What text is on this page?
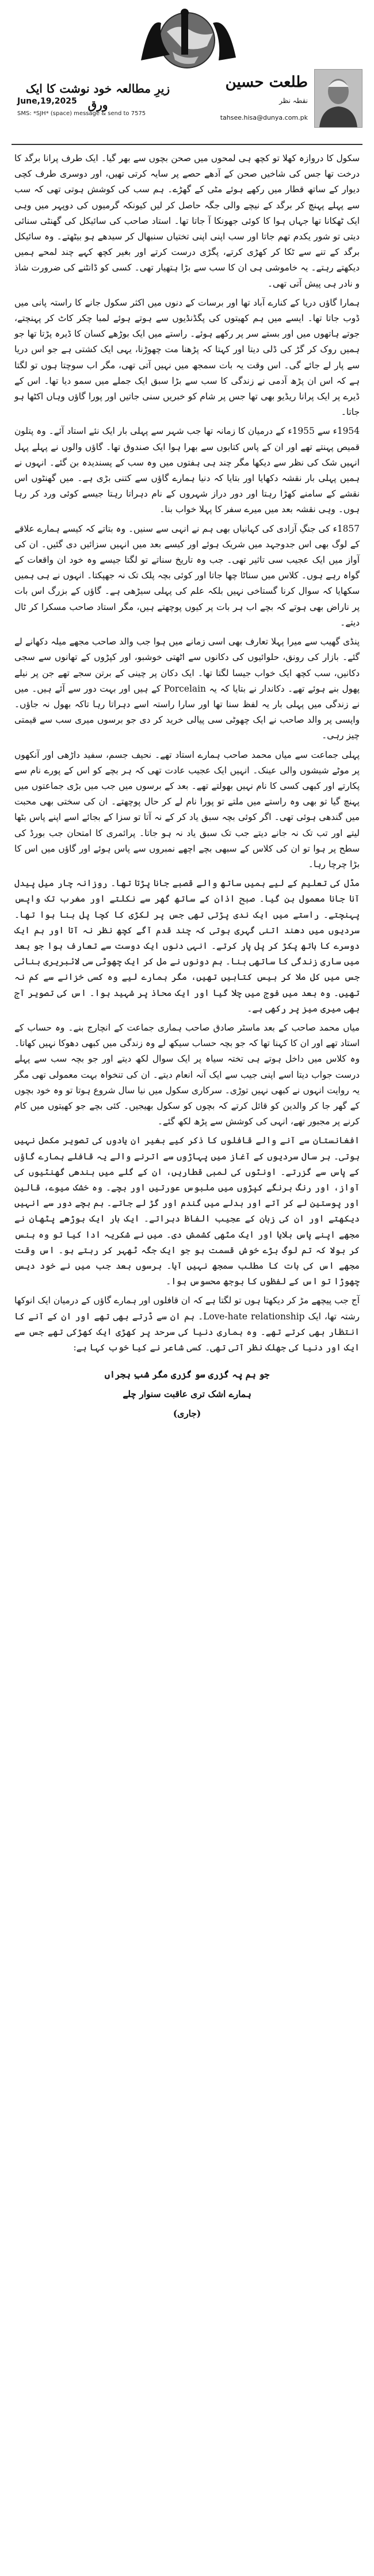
زیرِ مطالعہ خود نوشت کا ایک ورق
June,19,2025
SMS: *SJH* (space) message & send to 7575
طلعت حسین
نقطہ نظر
tahsee.hisa@dunya.com.pk

سکول کا دروازہ کھلا تو کچھ ہی لمحوں میں صحن بچوں سے بھر گیا۔ ایک طرف پرانا برگد کا درخت تھا جس کی شاخیں صحن کے آدھے حصے پر سایہ کرتی تھیں، اور دوسری طرف کچی دیوار کے ساتھ قطار میں رکھے ہوئے مٹی کے گھڑے۔ ہم سب کی کوشش ہوتی تھی کہ سب سے پہلے پہنچ کر برگد کے نیچے والی جگہ حاصل کر لیں کیونکہ گرمیوں کی دوپہر میں وہی ایک ٹھکانا تھا جہاں ہوا کا کوئی جھونکا آ جاتا تھا۔ استاد صاحب کی سائیکل کی گھنٹی سنائی دیتی تو شور یکدم تھم جاتا اور سب اپنی اپنی تختیاں سنبھال کر سیدھے ہو بیٹھتے۔ وہ سائیکل برگد کے تنے سے ٹکا کر کھڑی کرتے، پگڑی درست کرتے اور بغیر کچھ کہے چند لمحے ہمیں دیکھتے رہتے۔ یہ خاموشی ہی ان کا سب سے بڑا ہتھیار تھی۔ کسی کو ڈانٹنے کی ضرورت شاذ و نادر ہی پیش آتی تھی۔

ہمارا گاؤں دریا کے کنارے آباد تھا اور برسات کے دنوں میں اکثر سکول جانے کا راستہ پانی میں ڈوب جاتا تھا۔ ایسے میں ہم کھیتوں کی پگڈنڈیوں سے ہوتے ہوئے لمبا چکر کاٹ کر پہنچتے، جوتے ہاتھوں میں اور بستے سر پر رکھے ہوئے۔ راستے میں ایک بوڑھے کسان کا ڈیرہ پڑتا تھا جو ہمیں روک کر گڑ کی ڈلی دیتا اور کہتا کہ پڑھنا مت چھوڑنا، یہی ایک کشتی ہے جو اس دریا سے پار لے جائے گی۔ اس وقت یہ بات سمجھ میں نہیں آتی تھی، مگر اب سوچتا ہوں تو لگتا ہے کہ اس ان پڑھ آدمی نے زندگی کا سب سے بڑا سبق ایک جملے میں سمو دیا تھا۔ اس کے ڈیرے پر ایک پرانا ریڈیو بھی تھا جس پر شام کو خبریں سنی جاتیں اور پورا گاؤں وہاں اکٹھا ہو جاتا۔

1954ء سے 1955ء کے درمیان کا زمانہ تھا جب شہر سے پہلی بار ایک نئے استاد آئے۔ وہ پتلون قمیص پہنتے تھے اور ان کے پاس کتابوں سے بھرا ہوا ایک صندوق تھا۔ گاؤں والوں نے پہلے پہل انہیں شک کی نظر سے دیکھا مگر چند ہی ہفتوں میں وہ سب کے پسندیدہ بن گئے۔ انہوں نے ہمیں پہلی بار نقشہ دکھایا اور بتایا کہ دنیا ہمارے گاؤں سے کتنی بڑی ہے۔ میں گھنٹوں اس نقشے کے سامنے کھڑا رہتا اور دور دراز شہروں کے نام دہراتا رہتا جیسے کوئی ورد کر رہا ہوں۔ وہی نقشہ بعد میں میرے سفر کا پہلا خواب بنا۔

1857ء کی جنگِ آزادی کی کہانیاں بھی ہم نے انہی سے سنیں۔ وہ بتاتے کہ کیسے ہمارے علاقے کے لوگ بھی اس جدوجہد میں شریک ہوئے اور کیسے بعد میں انہیں سزائیں دی گئیں۔ ان کی آواز میں ایک عجیب سی تاثیر تھی۔ جب وہ تاریخ سناتے تو لگتا جیسے وہ خود ان واقعات کے گواہ رہے ہوں۔ کلاس میں سناٹا چھا جاتا اور کوئی بچہ پلک تک نہ جھپکتا۔ انہوں نے ہی ہمیں سکھایا کہ سوال کرنا گستاخی نہیں بلکہ علم کی پہلی سیڑھی ہے۔ گاؤں کے بزرگ اس بات پر ناراض بھی ہوتے کہ بچے اب ہر بات پر کیوں پوچھتے ہیں، مگر استاد صاحب مسکرا کر ٹال دیتے۔

پنڈی گھیب سے میرا پہلا تعارف بھی اسی زمانے میں ہوا جب والد صاحب مجھے میلہ دکھانے لے گئے۔ بازار کی رونق، حلوائیوں کی دکانوں سے اٹھتی خوشبو، اور کپڑوں کے تھانوں سے سجی دکانیں، سب کچھ ایک خواب جیسا لگتا تھا۔ ایک دکان پر چینی کے برتن سجے تھے جن پر نیلے پھول بنے ہوئے تھے۔ دکاندار نے بتایا کہ یہ Porcelain کے ہیں اور بہت دور سے آئے ہیں۔ میں نے زندگی میں پہلی بار یہ لفظ سنا تھا اور سارا راستہ اسے دہراتا رہا تاکہ بھول نہ جاؤں۔ واپسی پر والد صاحب نے ایک چھوٹی سی پیالی خرید کر دی جو برسوں میری سب سے قیمتی چیز رہی۔

پہلی جماعت سے میاں محمد صاحب ہمارے استاد تھے۔ نحیف جسم، سفید داڑھی اور آنکھوں پر موٹے شیشوں والی عینک۔ انہیں ایک عجیب عادت تھی کہ ہر بچے کو اس کے پورے نام سے پکارتے اور کبھی کسی کا نام نہیں بھولتے تھے۔ بعد کے برسوں میں جب میں بڑی جماعتوں میں پہنچ گیا تو بھی وہ راستے میں ملتے تو پورا نام لے کر حال پوچھتے۔ ان کی سختی بھی محبت میں گندھی ہوئی تھی۔ اگر کوئی بچہ سبق یاد کر کے نہ آتا تو سزا کے بجائے اسے اپنے پاس بٹھا لیتے اور تب تک نہ جانے دیتے جب تک سبق یاد نہ ہو جاتا۔ پرائمری کا امتحان جب بورڈ کی سطح پر ہوا تو ان کی کلاس کے سبھی بچے اچھے نمبروں سے پاس ہوئے اور گاؤں میں اس کا بڑا چرچا رہا۔

مڈل کی تعلیم کے لیے ہمیں ساتھ والے قصبے جانا پڑتا تھا۔ روزانہ چار میل پیدل آنا جانا معمول بن گیا۔ صبح اذان کے ساتھ گھر سے نکلتے اور مغرب تک واپس پہنچتے۔ راستے میں ایک ندی پڑتی تھی جس پر لکڑی کا کچا پل بنا ہوا تھا۔ سردیوں میں دھند اتنی گہری ہوتی کہ چند قدم آگے کچھ نظر نہ آتا اور ہم ایک دوسرے کا ہاتھ پکڑ کر پل پار کرتے۔ انہی دنوں ایک دوست سے تعارف ہوا جو بعد میں ساری زندگی کا ساتھی بنا۔ ہم دونوں نے مل کر ایک چھوٹی سی لائبریری بنائی جس میں کل ملا کر بیس کتابیں تھیں، مگر ہمارے لیے وہ کسی خزانے سے کم نہ تھیں۔ وہ بعد میں فوج میں چلا گیا اور ایک محاذ پر شہید ہوا۔ اس کی تصویر آج بھی میری میز پر رکھی ہے۔

میاں محمد صاحب کے بعد ماسٹر صادق صاحب ہماری جماعت کے انچارج بنے۔ وہ حساب کے استاد تھے اور ان کا کہنا تھا کہ جو بچہ حساب سیکھ لے وہ زندگی میں کبھی دھوکا نہیں کھاتا۔ وہ کلاس میں داخل ہوتے ہی تختہ سیاہ پر ایک سوال لکھ دیتے اور جو بچہ سب سے پہلے درست جواب دیتا اسے اپنی جیب سے ایک آنہ انعام دیتے۔ ان کی تنخواہ بہت معمولی تھی مگر یہ روایت انہوں نے کبھی نہیں توڑی۔ سرکاری سکول میں نیا سال شروع ہوتا تو وہ خود بچوں کے گھر جا کر والدین کو قائل کرتے کہ بچوں کو سکول بھیجیں۔ کئی بچے جو کھیتوں میں کام کرنے پر مجبور تھے، انہی کی کوشش سے پڑھ لکھ گئے۔

افغانستان سے آنے والے قافلوں کا ذکر کیے بغیر ان یادوں کی تصویر مکمل نہیں ہوتی۔ ہر سال سردیوں کے آغاز میں پہاڑوں سے اترنے والے یہ قافلے ہمارے گاؤں کے پاس سے گزرتے۔ اونٹوں کی لمبی قطاریں، ان کے گلے میں بندھی گھنٹیوں کی آواز، اور رنگ برنگے کپڑوں میں ملبوس عورتیں اور بچے۔ وہ خشک میوے، قالین اور پوستین لے کر آتے اور بدلے میں گندم اور گڑ لے جاتے۔ ہم بچے دور سے انہیں دیکھتے اور ان کی زبان کے عجیب الفاظ دہراتے۔ ایک بار ایک بوڑھے پٹھان نے مجھے اپنے پاس بلایا اور ایک مٹھی کشمش دی۔ میں نے شکریہ ادا کیا تو وہ ہنس کر بولا کہ تم لوگ بڑے خوش قسمت ہو جو ایک جگہ ٹھہر کر رہتے ہو۔ اس وقت مجھے اس کی بات کا مطلب سمجھ نہیں آیا۔ برسوں بعد جب میں نے خود دیس چھوڑا تو اس کے لفظوں کا بوجھ محسوس ہوا۔

آج جب پیچھے مڑ کر دیکھتا ہوں تو لگتا ہے کہ ان قافلوں اور ہمارے گاؤں کے درمیان ایک انوکھا رشتہ تھا، ایک Love-hate relationship۔ ہم ان سے ڈرتے بھی تھے اور ان کے آنے کا انتظار بھی کرتے تھے۔ وہ ہماری دنیا کی سرحد پر کھڑی ایک کھڑکی تھے جس سے ایک اور دنیا کی جھلک نظر آتی تھی۔ کسی شاعر نے کیا خوب کہا ہے:

جو ہم پہ گزری سو گزری مگر شبِ ہجراں
ہمارے اشک تری عاقبت سنوار چلے
(جاری)
